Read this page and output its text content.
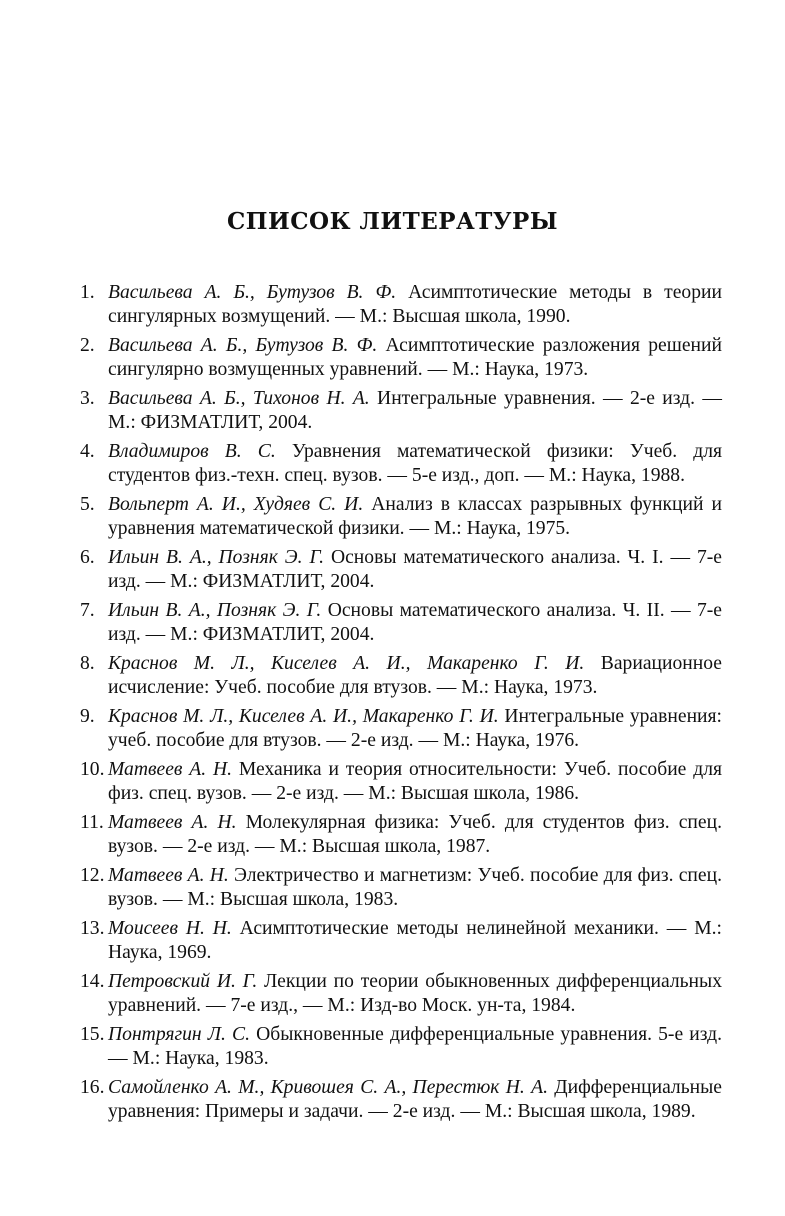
СПИСОК ЛИТЕРАТУРЫ
1. Васильева А. Б., Бутузов В. Ф. Асимптотические методы в теории сингулярных возмущений. — М.: Высшая школа, 1990.
2. Васильева А. Б., Бутузов В. Ф. Асимптотические разложения решений сингулярно возмущенных уравнений. — М.: Наука, 1973.
3. Васильева А. Б., Тихонов Н. А. Интегральные уравнения. — 2-е изд. — М.: ФИЗМАТЛИТ, 2004.
4. Владимиров В. С. Уравнения математической физики: Учеб. для студентов физ.-техн. спец. вузов. — 5-е изд., доп. — М.: Наука, 1988.
5. Вольперт А. И., Худяев С. И. Анализ в классах разрывных функций и уравнения математической физики. — М.: Наука, 1975.
6. Ильин В. А., Позняк Э. Г. Основы математического анализа. Ч. I. — 7-е изд. — М.: ФИЗМАТЛИТ, 2004.
7. Ильин В. А., Позняк Э. Г. Основы математического анализа. Ч. II. — 7-е изд. — М.: ФИЗМАТЛИТ, 2004.
8. Краснов М. Л., Киселев А. И., Макаренко Г. И. Вариационное исчисление: Учеб. пособие для втузов. — М.: Наука, 1973.
9. Краснов М. Л., Киселев А. И., Макаренко Г. И. Интегральные уравнения: учеб. пособие для втузов. — 2-е изд. — М.: Наука, 1976.
10. Матвеев А. Н. Механика и теория относительности: Учеб. пособие для физ. спец. вузов. — 2-е изд. — М.: Высшая школа, 1986.
11. Матвеев А. Н. Молекулярная физика: Учеб. для студентов физ. спец. вузов. — 2-е изд. — М.: Высшая школа, 1987.
12. Матвеев А. Н. Электричество и магнетизм: Учеб. пособие для физ. спец. вузов. — М.: Высшая школа, 1983.
13. Моисеев Н. Н. Асимптотические методы нелинейной механики. — М.: Наука, 1969.
14. Петровский И. Г. Лекции по теории обыкновенных дифференциальных уравнений. — 7-е изд., — М.: Изд-во Моск. ун-та, 1984.
15. Понтрягин Л. С. Обыкновенные дифференциальные уравнения. 5-е изд. — М.: Наука, 1983.
16. Самойленко А. М., Кривошея С. А., Перестюк Н. А. Дифференциальные уравнения: Примеры и задачи. — 2-е изд. — М.: Высшая школа, 1989.
